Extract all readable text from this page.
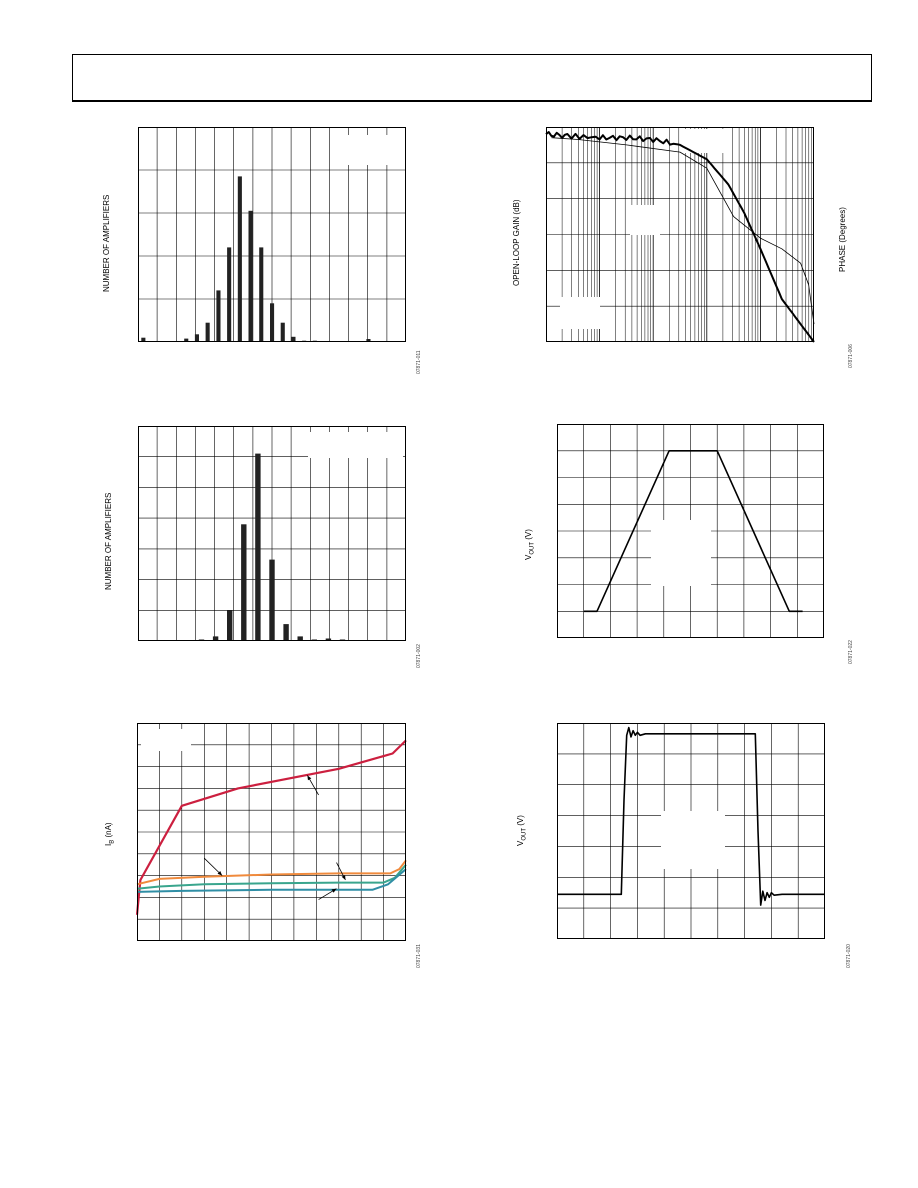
NUMBER OF AMPLIFIERS
07871-011
NUMBER OF AMPLIFIERS
07871-002
$I_B$ (nA)
07871-031
OPEN-LOOP GAIN (dB)	PHASE (Degrees)
07871-006
$V_{OUT}$ (V)
07871-022
$V_{OUT}$ (V)
07871-020
